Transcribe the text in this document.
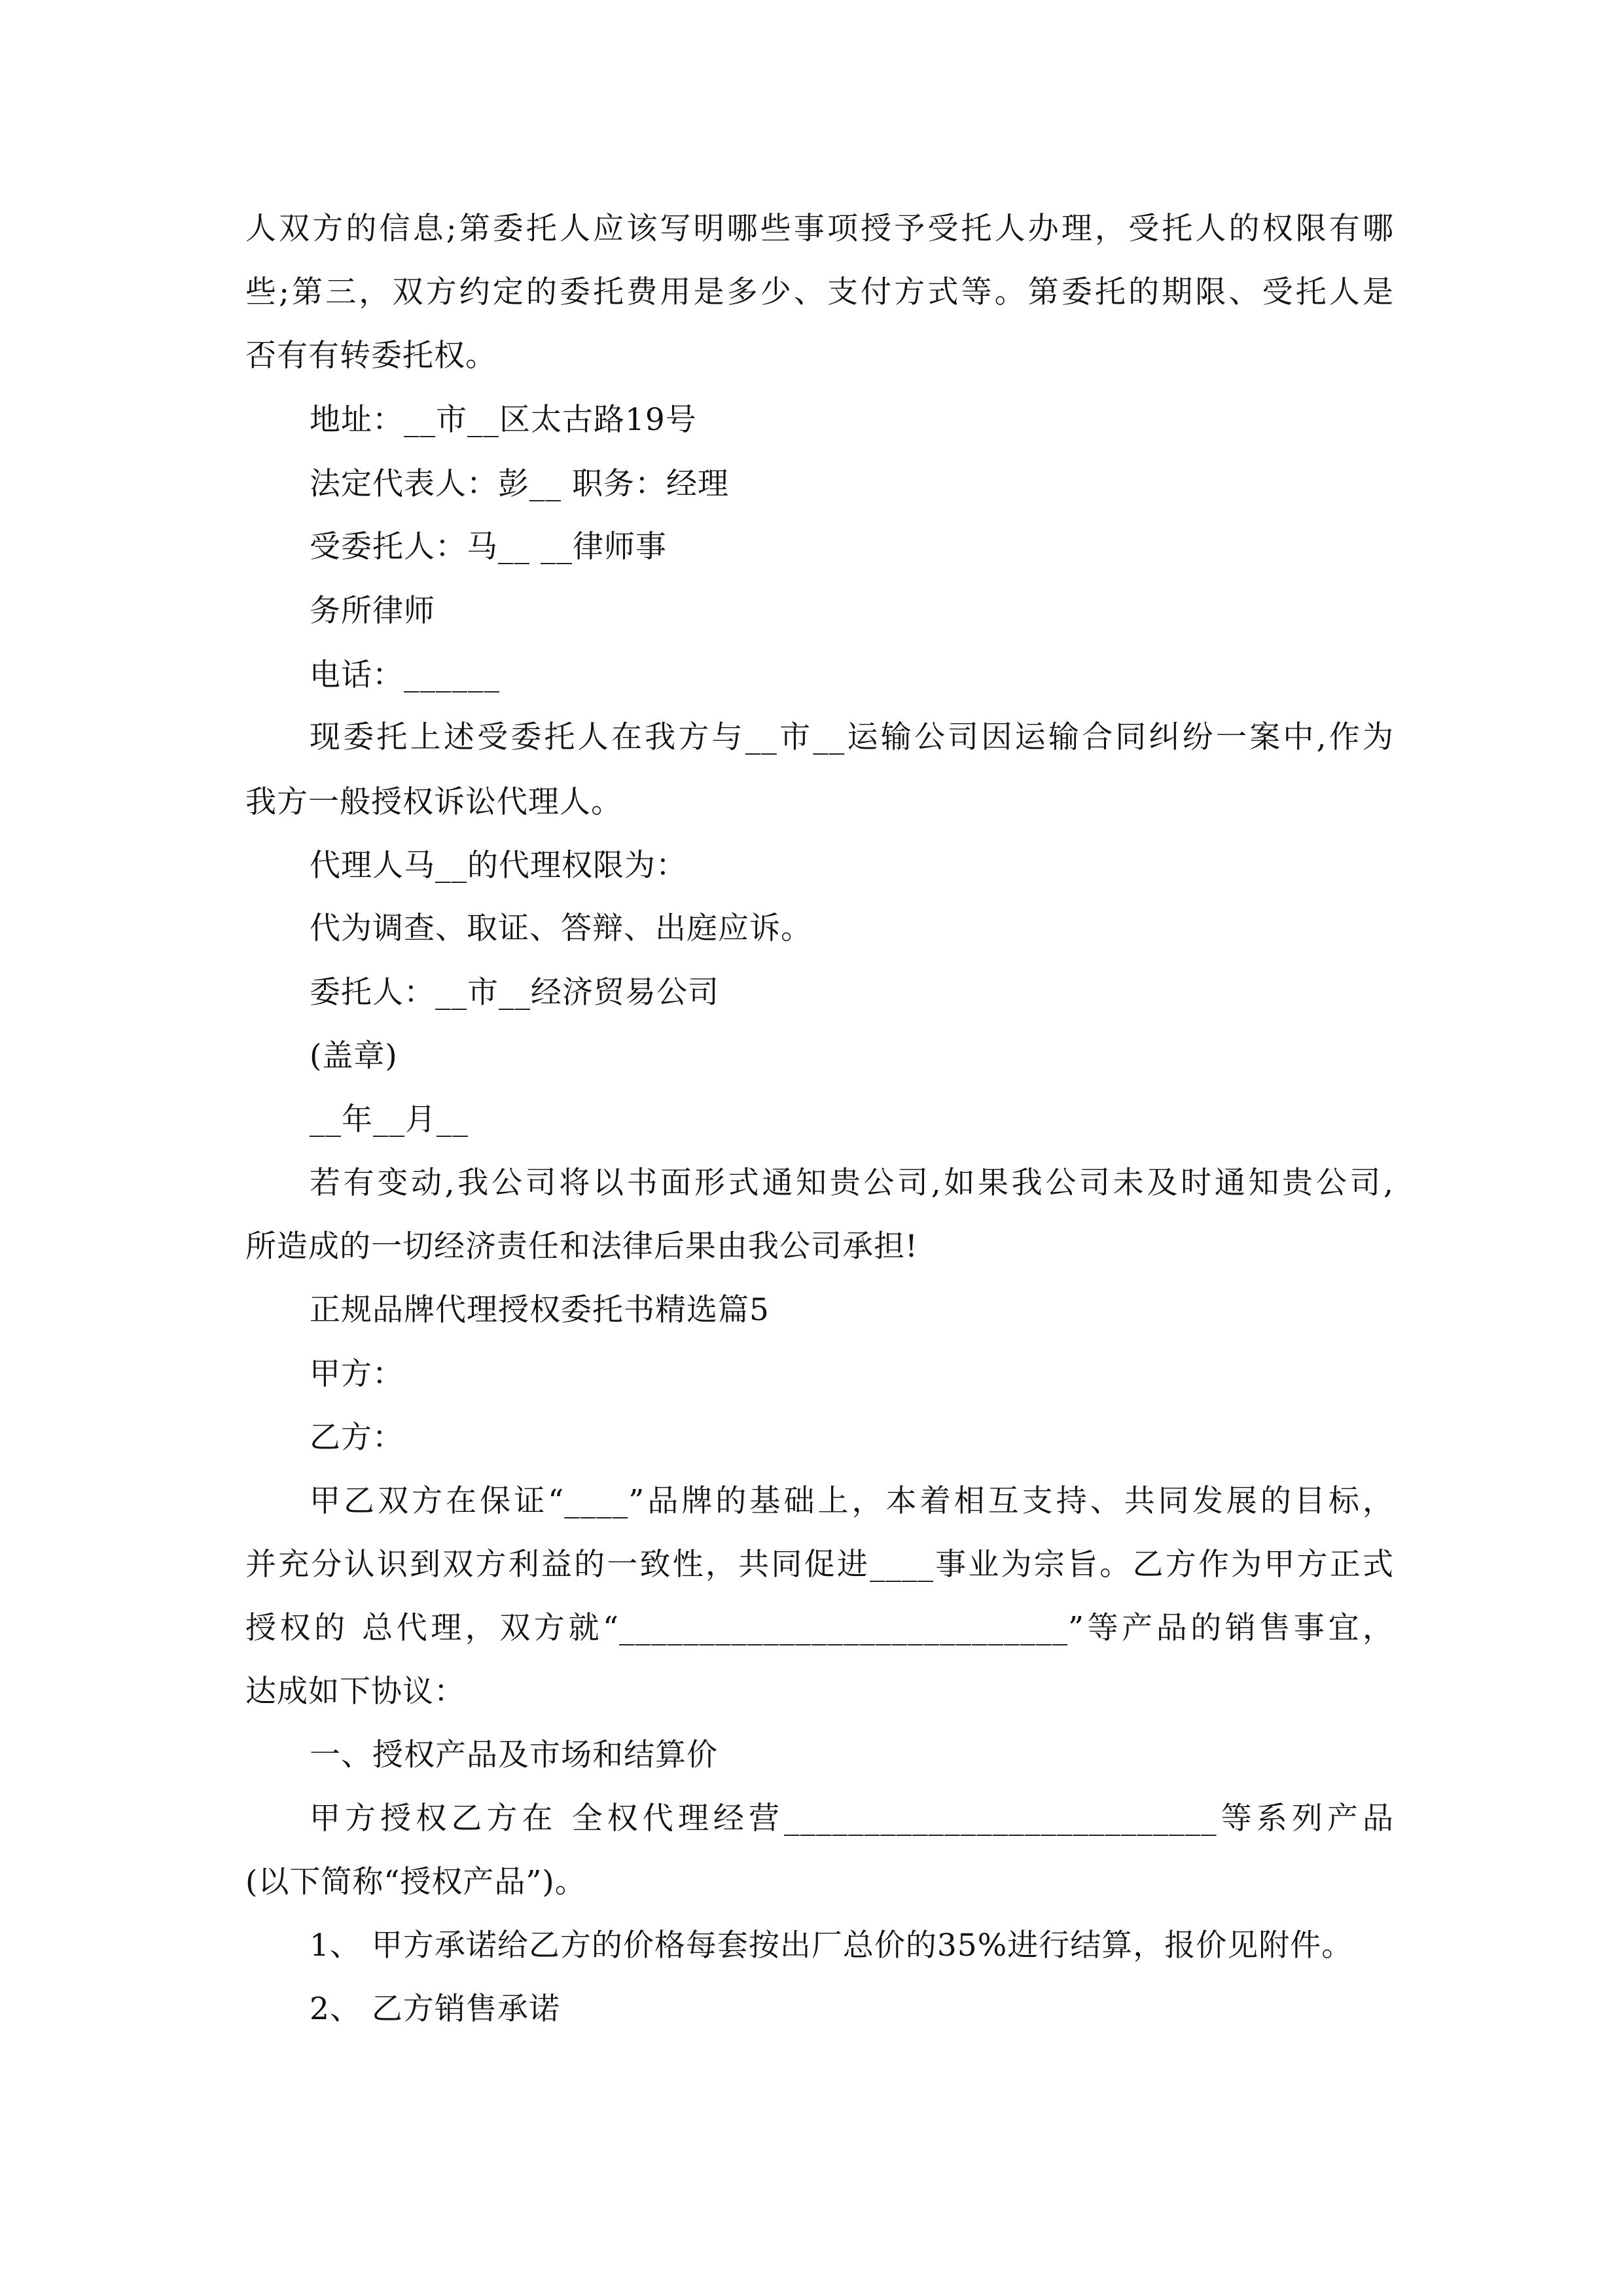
人双方的信息;第委托人应该写明哪些事项授予受托人办理，受托人的权限有哪
些;第三，双方约定的委托费用是多少、支付方式等。第委托的期限、受托人是
否有有转委托权。
地址：__市__区太古路19号
法定代表人：彭__ 职务：经理
受委托人：马__ __律师事
务所律师
电话：______
现委托上述受委托人在我方与__市__运输公司因运输合同纠纷一案中,作为
我方一般授权诉讼代理人。
代理人马__的代理权限为：
代为调查、取证、答辩、出庭应诉。
委托人：__市__经济贸易公司
(盖章)
__年__月__
若有变动,我公司将以书面形式通知贵公司,如果我公司未及时通知贵公司,
所造成的一切经济责任和法律后果由我公司承担!
正规品牌代理授权委托书精选篇5
甲方：
乙方：
甲乙双方在保证“____”品牌的基础上，本着相互支持、共同发展的目标，
并充分认识到双方利益的一致性，共同促进____事业为宗旨。乙方作为甲方正式
授权的 总代理，双方就“____________________________”等产品的销售事宜，
达成如下协议：
一、授权产品及市场和结算价
甲方授权乙方在 全权代理经营___________________________等系列产品
(以下简称“授权产品”)。
1、 甲方承诺给乙方的价格每套按出厂总价的35%进行结算，报价见附件。
2、 乙方销售承诺
